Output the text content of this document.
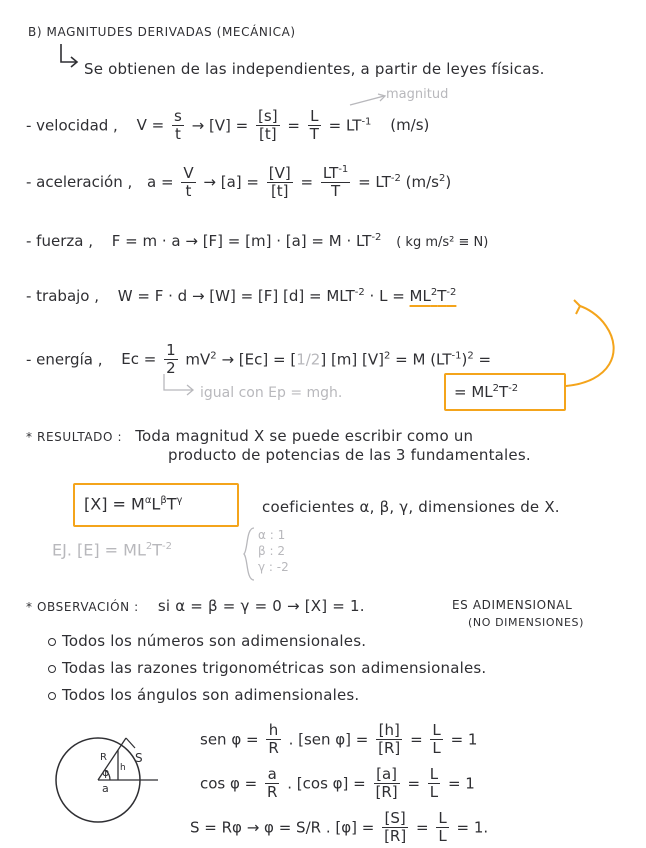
B) MAGNITUDES DERIVADAS (MECÁNICA)
Se obtienen de las independientes, a partir de leyes físicas.
magnitud
- velocidad , $V = \frac{s}{t} \to [V] = \frac{[s]}{[t]} = \frac{L}{T} = LT^{-1}$ (m/s)
- aceleración , $a = \frac{V}{t} \to [a] = \frac{[V]}{[t]} = \frac{LT^{-1}}{T} = LT^{-2}$ $(m/s^2)$
- fuerza , $F = m \cdot a \to [F] = [m] \cdot [a] = M \cdot LT^{-2}$ ( kg m/s² ≡ N)
- trabajo , W = F · d → [W] = [F] $[d] = MLT^{-2} \cdot L = ML^2T^{-2}$
- energía , $Ec = \frac{1}{2} mV^2 \to [Ec] = [1/2]$ [m] $[V]^2 = M$ $(LT^{-1})^2$ =
= $ML^2T^{-2}$
igual con Ep = mgh.
* RESULTADO : Toda magnitud X se puede escribir como un
producto de potencias de las 3 fundamentales.
$[X] = M^\alpha L^\beta T^\gamma$	coeficientes α, β, γ, dimensiones de X.
EJ. $[E] = ML^2T^{-2}$
α : 1
β : 2
γ : -2
* OBSERVACIÓN : si α = β = γ = 0 → [X] = 1.	ES ADIMENSIONAL
(NO DIMENSIONES)
Todos los números son adimensionales.
Todas las razones trigonométricas son adimensionales.
Todos los ángulos son adimensionales.
R
φ h
a
S
sen $\varphi = \frac{h}{R}$ . [sen $\varphi] = \frac{[h]}{[R]} = \frac{L}{L} = 1$
$\cos \varphi = \frac{a}{R}$ . [cos $\varphi] = \frac{[a]}{[R]} = \frac{L}{L} = 1$
S = Rφ → φ = S/R . $[\varphi] = \frac{[S]}{[R]} = \frac{L}{L} = 1$.
